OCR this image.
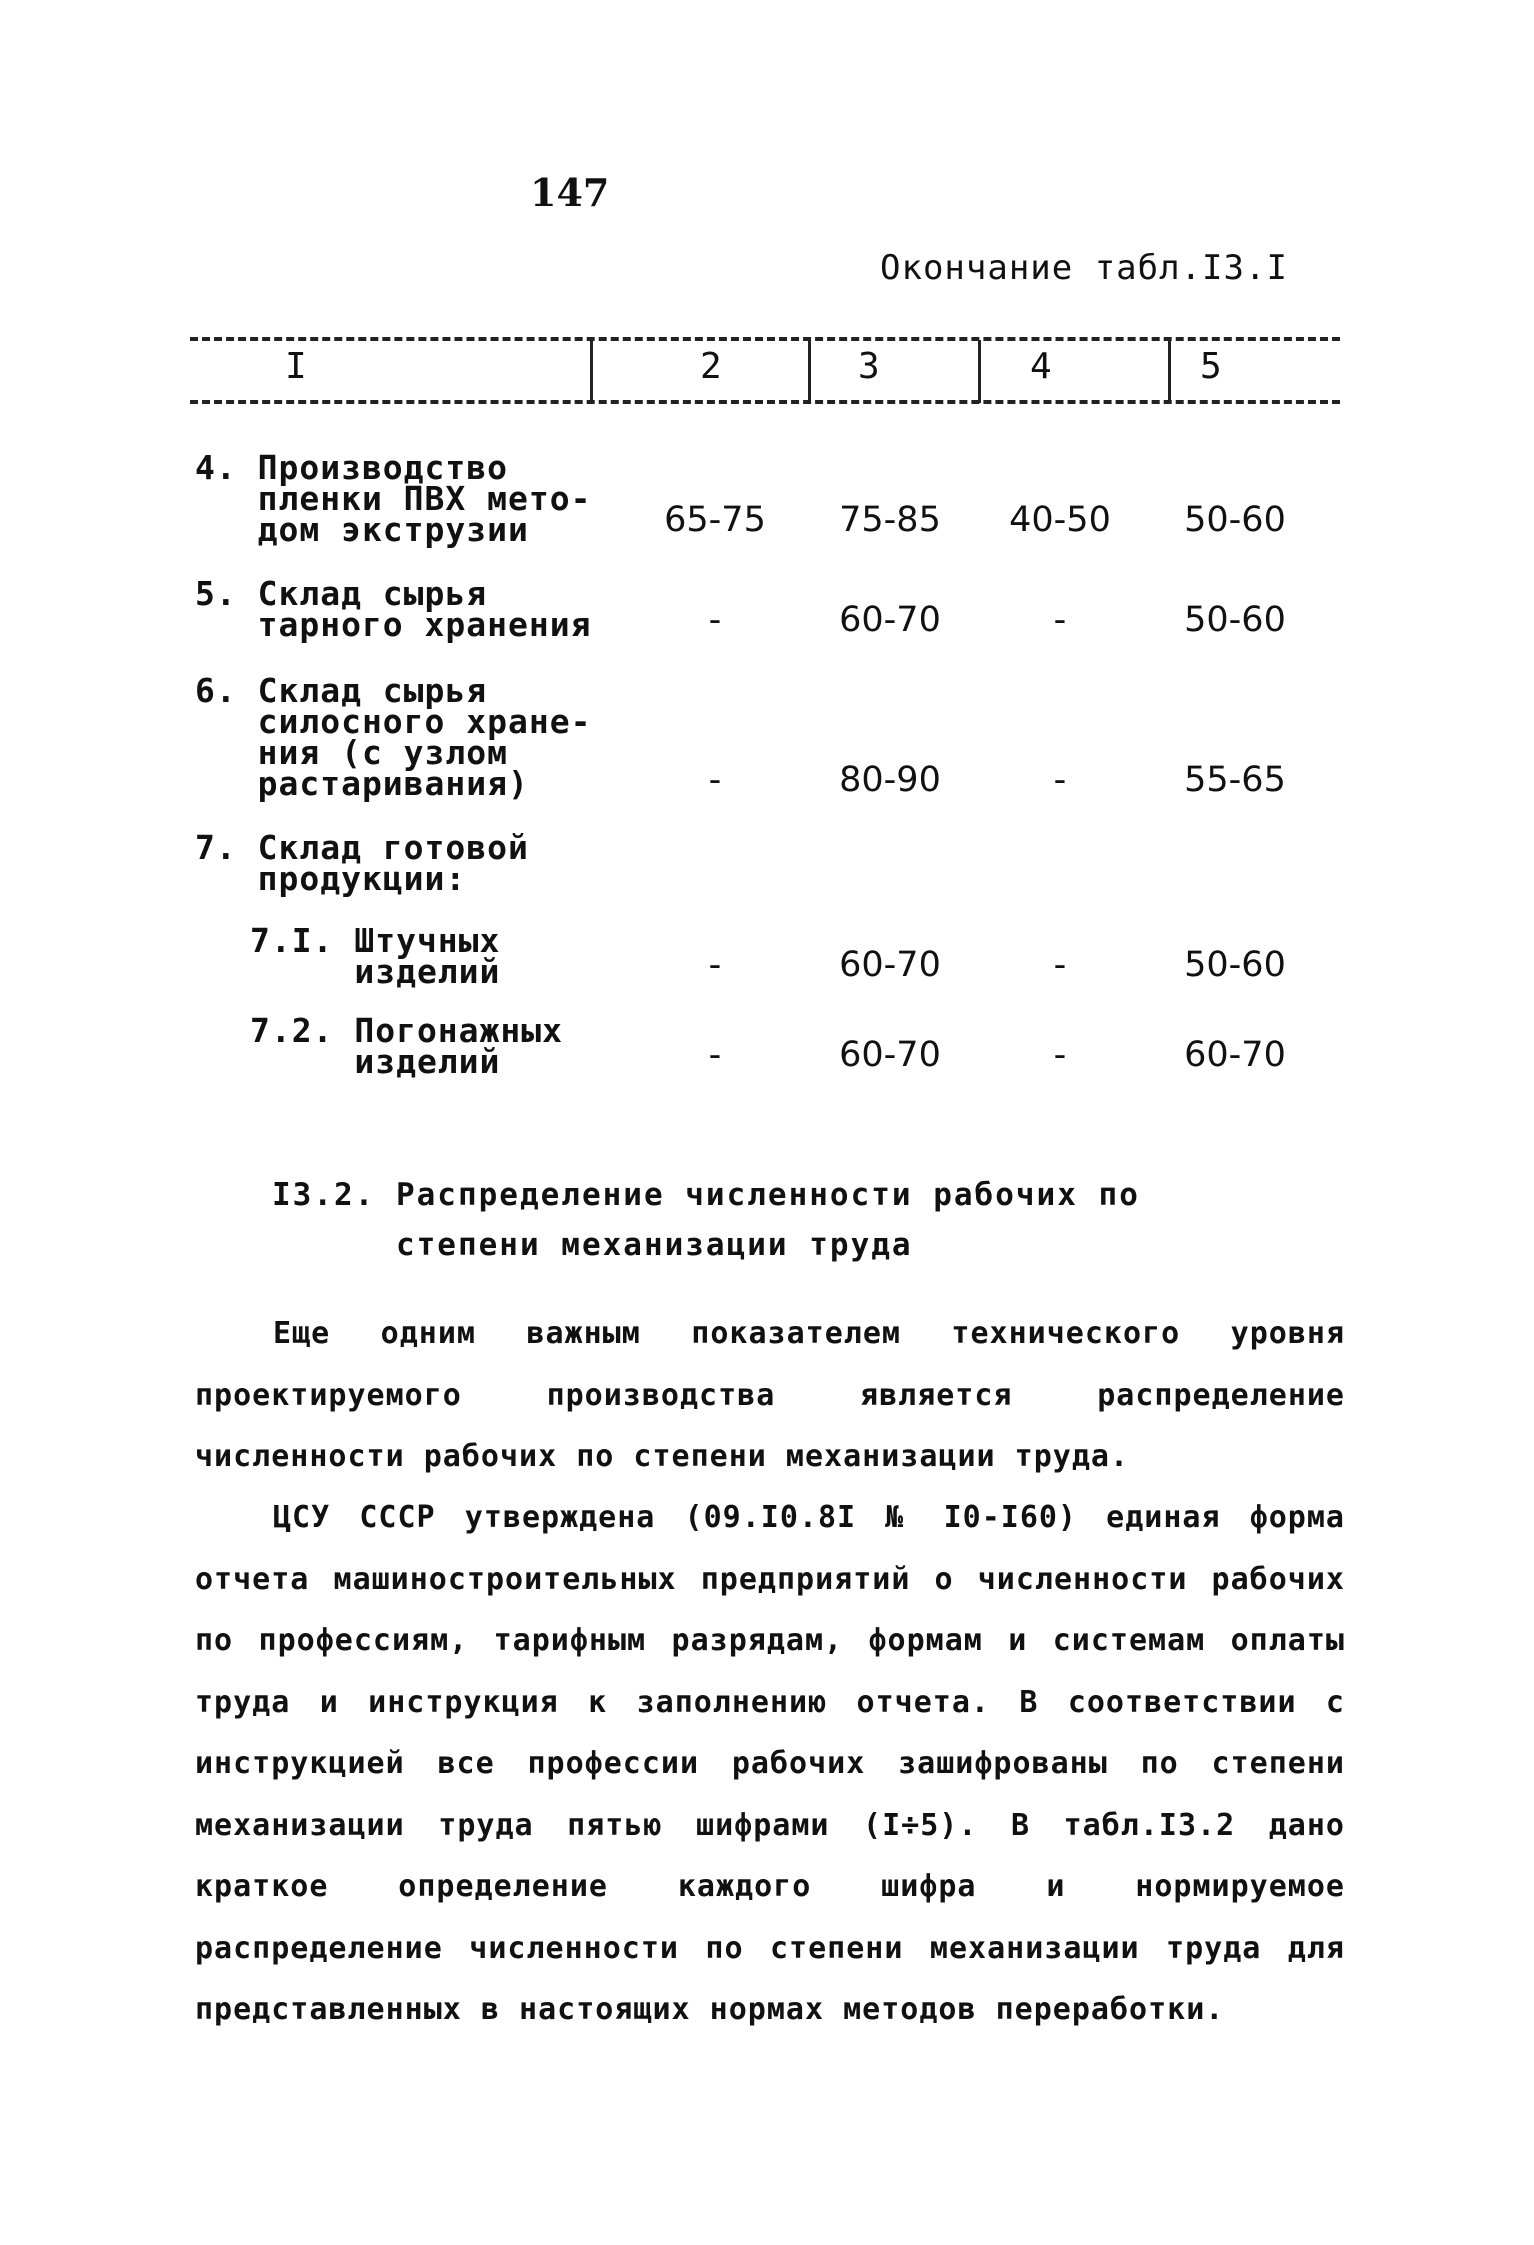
147
Окончание табл.I3.I
I	2	3	4	5
4. Производство
пленки ПВХ мето-
дом экструзии	65-75	75-85	40-50	50-60
5. Склад сырья
тарного хранения	-	60-70	-	50-60
6. Склад сырья
силосного хране-
ния (с узлом
растаривания)	-	80-90	-	55-65
7. Склад готовой
продукции:
7.I. Штучных
изделий	-	60-70	-	50-60
7.2. Погонажных
изделий	-	60-70	-	60-70
I3.2. Распределение численности рабочих по
степени механизации труда

Еще одним важным показателем технического уровня проектируемого производства является распределение численности рабочих по степени механизации труда.

ЦСУ СССР утверждена (09.I0.8I № I0-I60) единая форма отчета машиностроительных предприятий о численности рабочих по профессиям, тарифным разрядам, формам и системам оплаты труда и инструкция к заполнению отчета. В соответствии с инструкцией все профессии рабочих зашифрованы по степени механизации труда пятью шифрами (I÷5). В табл.I3.2 дано краткое определение каждого шифра и нормируемое распределение численности по степени механизации труда для представленных в настоящих нормах методов переработки.
